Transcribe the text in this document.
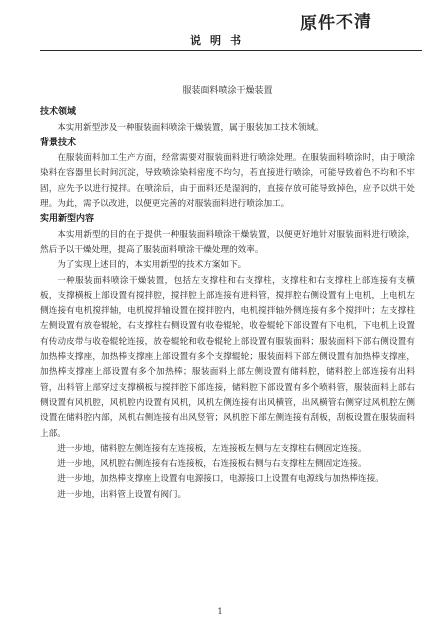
原件不清
说明书
服装面料喷涂干燥装置
技术领域

本实用新型涉及一种服装面料喷涂干燥装置，属于服装加工技术领域。

背景技术

在服装面料加工生产方面，经常需要对服装面料进行喷涂处理。在服装面料喷涂时，由于喷涂染料在容器里长时间沉淀，导致喷涂染料密度不均匀，若直接进行喷涂，可能导致着色不均和不牢固，应先予以进行搅拌。在喷涂后，由于面料还是湿润的，直接存放可能导致掉色，应予以烘干处理。为此，需予以改进，以便更完善的对服装面料进行喷涂加工。

实用新型内容

本实用新型的目的在于提供一种服装面料喷涂干燥装置，以便更好地针对服装面料进行喷涂，然后予以干燥处理，提高了服装面料喷涂干燥处理的效率。

为了实现上述目的，本实用新型的技术方案如下。

一种服装面料喷涂干燥装置，包括左支撑柱和右支撑柱，支撑柱和右支撑柱上部连接有支横板，支撑横板上部设置有搅拌腔，搅拌腔上部连接有进料管，搅拌腔右侧设置有上电机，上电机左侧连接有电机搅拌轴，电机搅拌轴设置在搅拌腔内，电机搅拌轴外侧连接有多个搅拌叶；左支撑柱左侧设置有放卷辊轮，右支撑柱右侧设置有收卷辊轮，收卷辊轮下部设置有下电机，下电机上设置有传动皮带与收卷辊轮连接，放卷辊轮和收卷辊轮上部设置有服装面料；服装面料下部右侧设置有加热棒支撑座，加热棒支撑座上部设置有多个支撑辊轮；服装面料下部左侧设置有加热棒支撑座，加热棒支撑座上部设置有多个加热棒；服装面料上部左侧设置有储料腔，储料腔上部连接有出料管，出料管上部穿过支撑横板与搅拌腔下部连接，储料腔下部设置有多个喷料管，服装面料上部右侧设置有风机腔，风机腔内设置有风机，风机左侧连接有出风横管，出风横管右侧穿过风机腔左侧设置在储料腔内部，风机右侧连接有出风竖管；风机腔下部左侧连接有刮板，刮板设置在服装面料上部。

进一步地，储料腔左侧连接有左连接板，左连接板左侧与左支撑柱右侧固定连接。

进一步地，风机腔右侧连接有右连接板，右连接板右侧与右支撑柱左侧固定连接。

进一步地，加热棒支撑座上设置有电源接口，电源接口上设置有电源线与加热棒连接。

进一步地，出料管上设置有阀门。

1
